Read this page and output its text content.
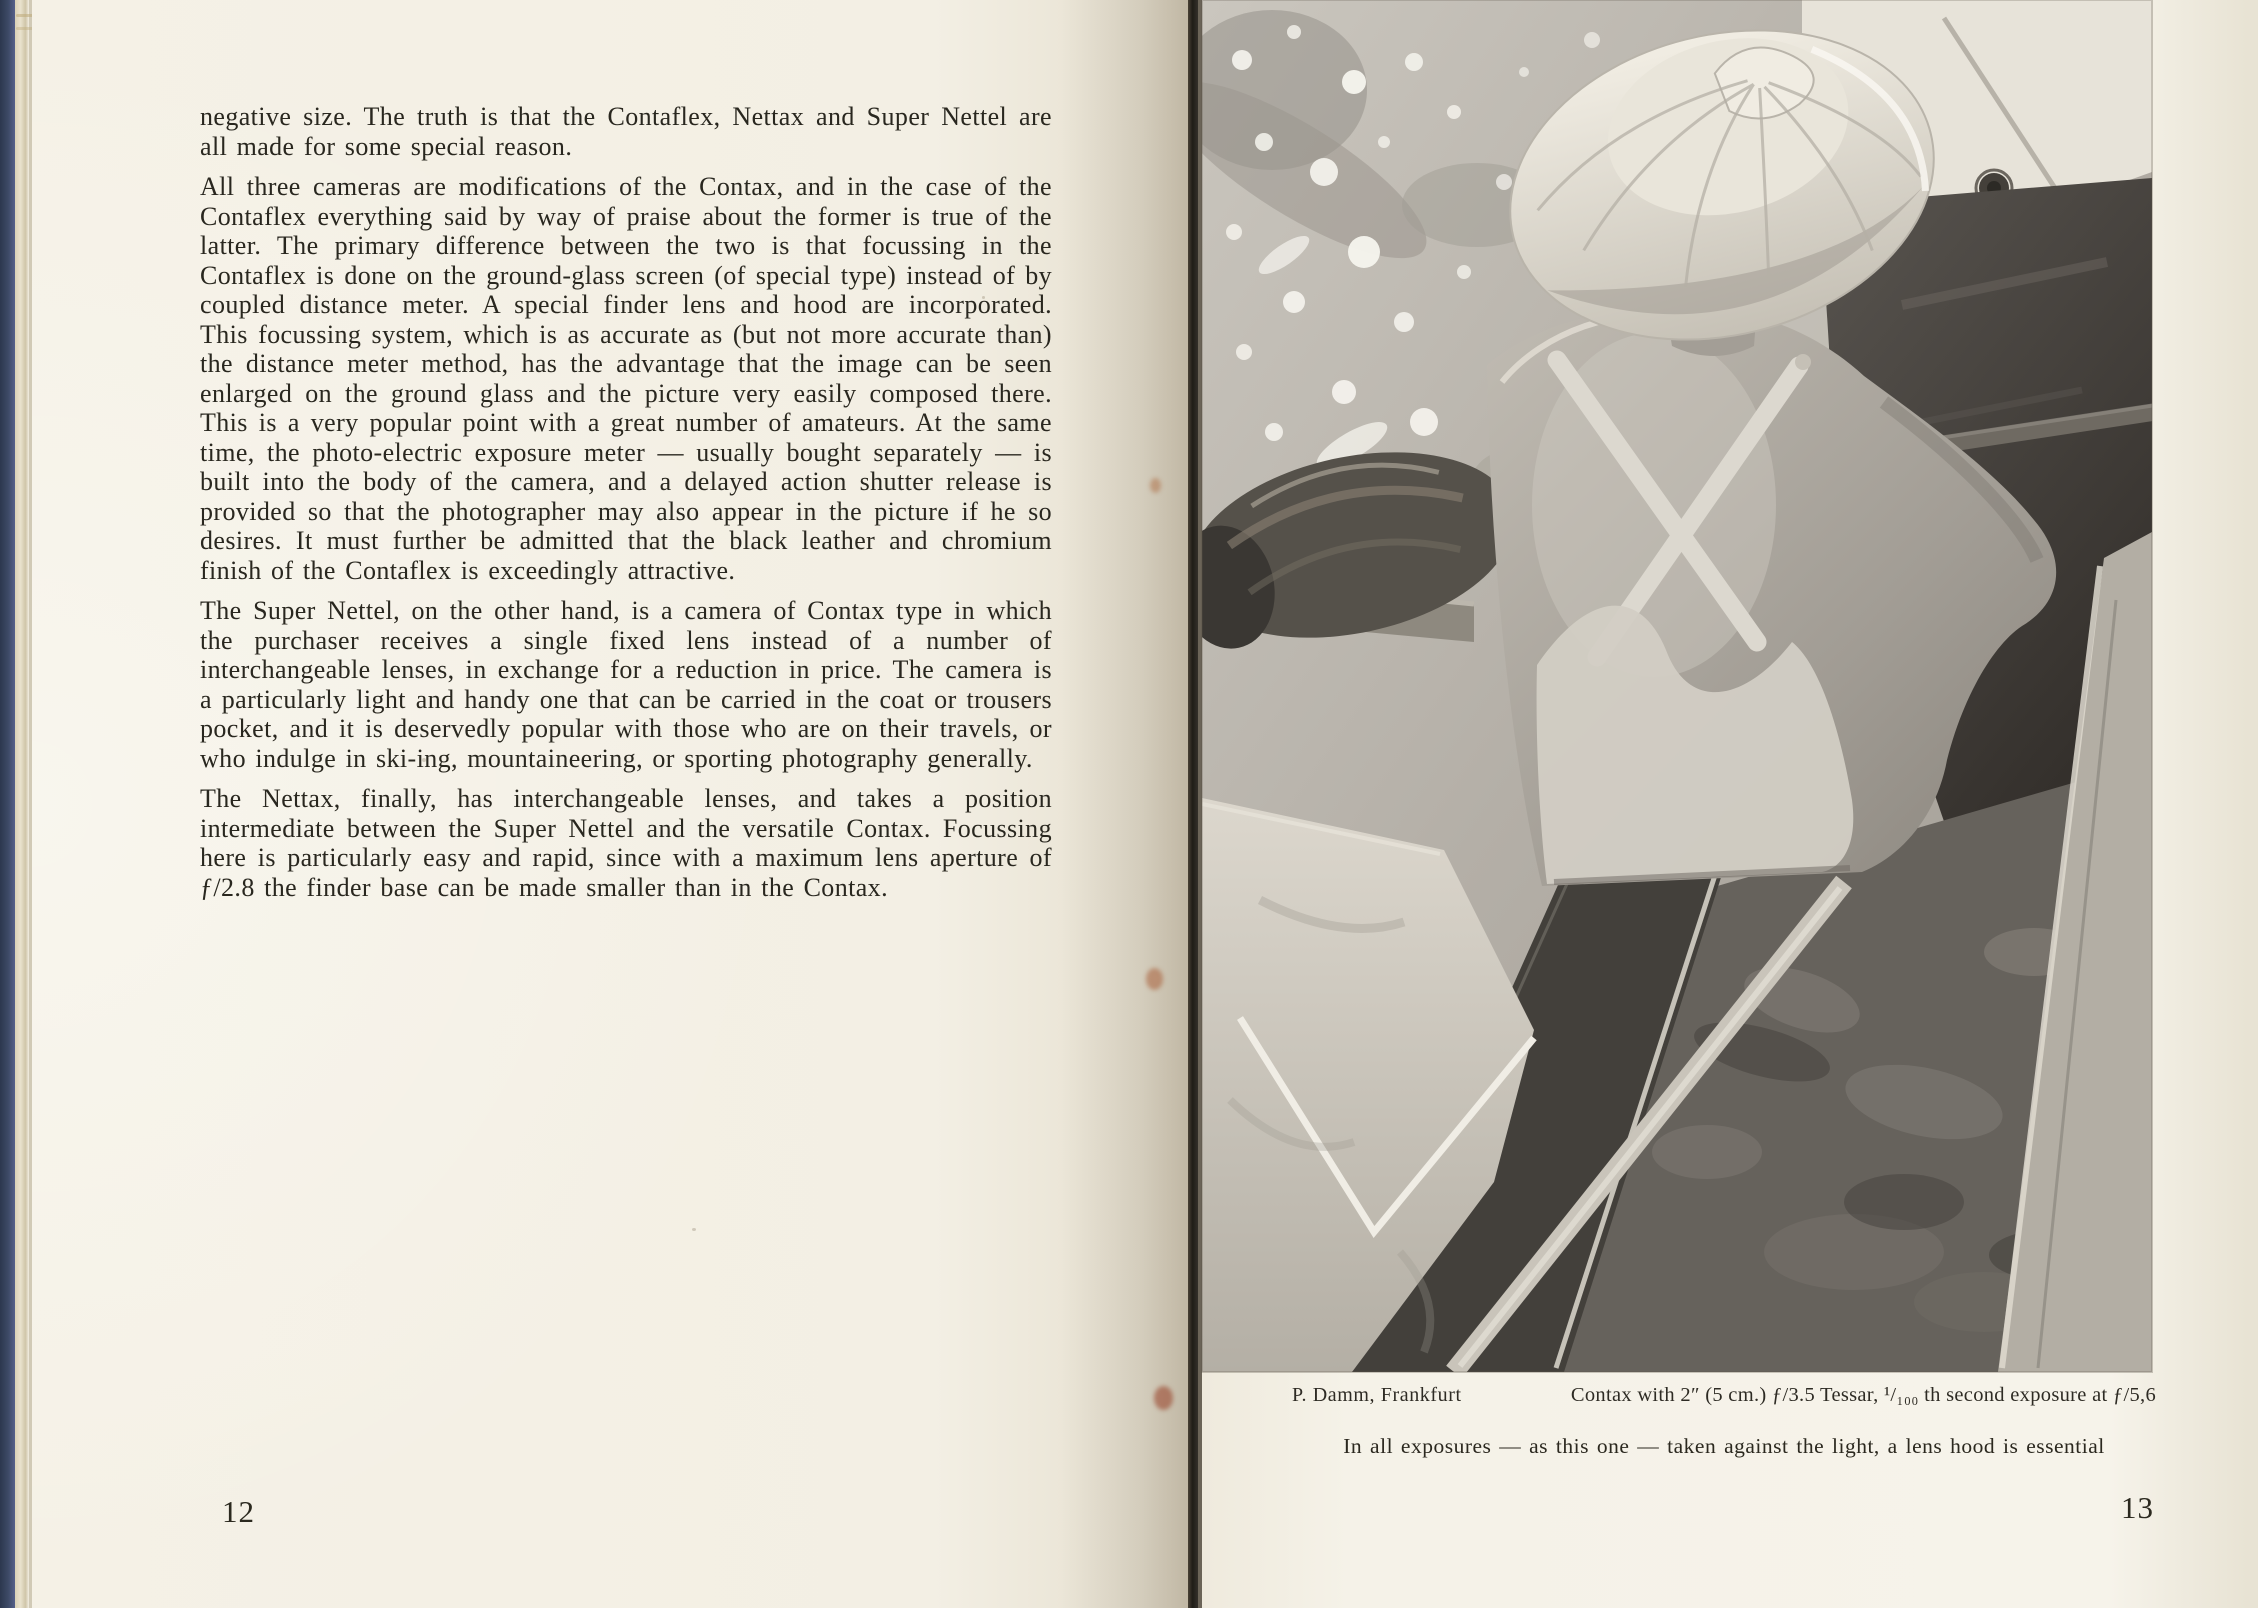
negative size. The truth is that the Contaflex, Nettax and Super Nettel are all made for some special reason.

All three cameras are modifications of the Contax, and in the case of the Contaflex everything said by way of praise about the former is true of the latter. The primary difference between the two is that focussing in the Contaflex is done on the ground-glass screen (of special type) instead of by coupled distance meter. A special finder lens and hood are incorporated. This focussing system, which is as accurate as (but not more accurate than) the distance meter method, has the advantage that the image can be seen enlarged on the ground glass and the picture very easily composed there. This is a very popular point with a great number of amateurs. At the same time, the photo-electric exposure meter — usually bought separately — is built into the body of the camera, and a delayed action shutter release is provided so that the photographer may also appear in the picture if he so desires. It must further be admitted that the black leather and chromium finish of the Contaflex is exceedingly attractive.

The Super Nettel, on the other hand, is a camera of Contax type in which the purchaser receives a single fixed lens instead of a number of interchangeable lenses, in exchange for a reduction in price. The camera is a particularly light and handy one that can be carried in the coat or trousers pocket, and it is deservedly popular with those who are on their travels, or who indulge in ski-ing, mountaineering, or sporting photography generally.

The Nettax, finally, has interchangeable lenses, and takes a position intermediate between the Super Nettel and the versatile Contax. Focussing here is particularly easy and rapid, since with a maximum lens aperture of ƒ/2.8 the finder base can be made smaller than in the Contax.

12
P. Damm, Frankfurt	Contax with 2″ (5 cm.) ƒ/3.5 Tessar, ¹/₁₀₀ th second exposure at ƒ/5,6
In all exposures — as this one — taken against the light, a lens hood is essential
13
